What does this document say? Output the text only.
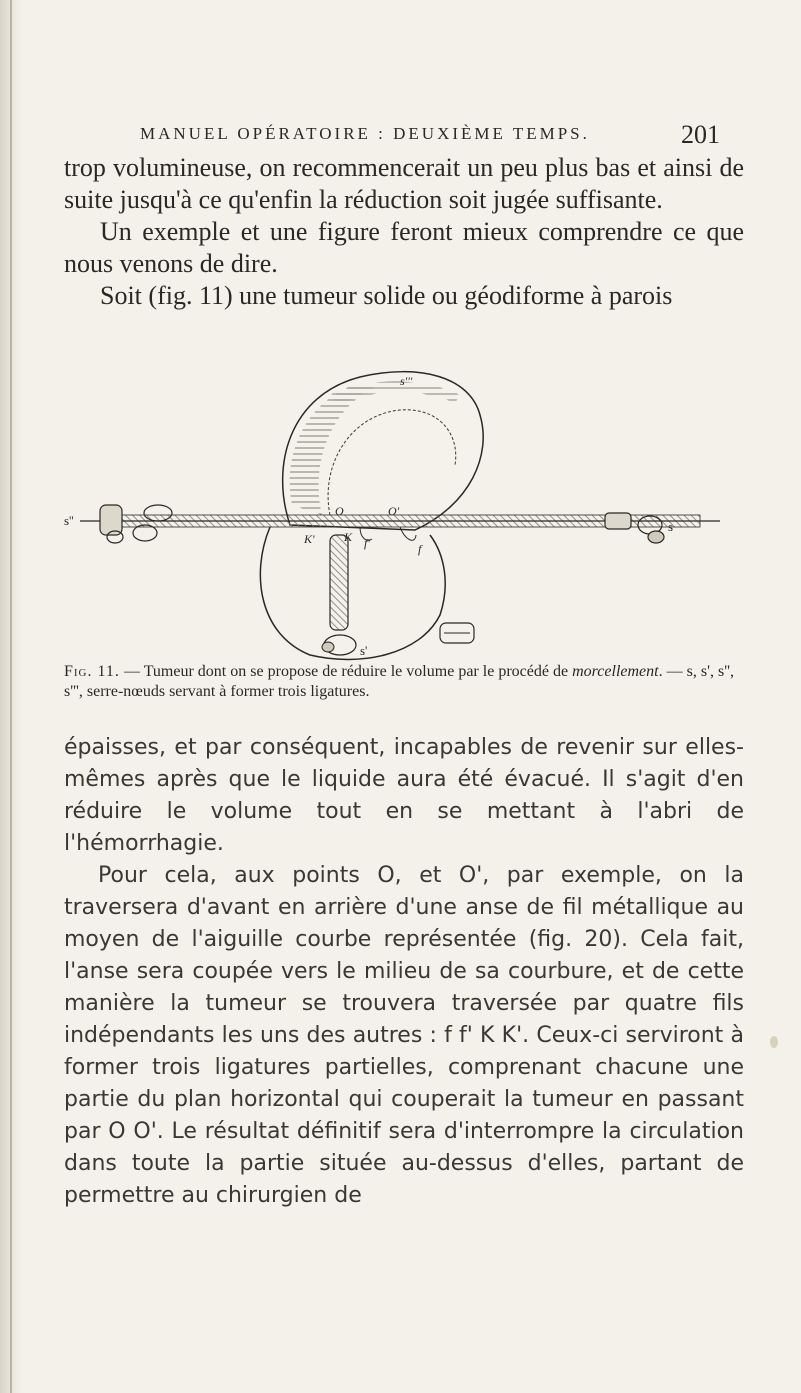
MANUEL OPÉRATOIRE : DEUXIÈME TEMPS.	201

trop volumineuse, on recommencerait un peu plus bas et ainsi de suite jusqu'à ce qu'enfin la réduction soit jugée suffisante.

Un exemple et une figure feront mieux comprendre ce que nous venons de dire.

Soit (fig. 11) une tumeur solide ou géodiforme à parois

s'''
s''	s
s'
O	O'
K' K f'	f
Fig. 11. — Tumeur dont on se propose de réduire le volume par le procédé de morcellement. — s, s', s'', s''', serre-nœuds servant à former trois ligatures.

épaisses, et par conséquent, incapables de revenir sur elles-mêmes après que le liquide aura été évacué. Il s'agit d'en réduire le volume tout en se mettant à l'abri de l'hémorrhagie.

Pour cela, aux points O, et O', par exemple, on la traversera d'avant en arrière d'une anse de fil métallique au moyen de l'aiguille courbe représentée (fig. 20). Cela fait, l'anse sera coupée vers le milieu de sa courbure, et de cette manière la tumeur se trouvera traversée par quatre fils indépendants les uns des autres : f f' K K'. Ceux-ci serviront à former trois ligatures partielles, comprenant chacune une partie du plan horizontal qui couperait la tumeur en passant par O O'. Le résultat définitif sera d'interrompre la circulation dans toute la partie située au-dessus d'elles, partant de permettre au chirurgien de
